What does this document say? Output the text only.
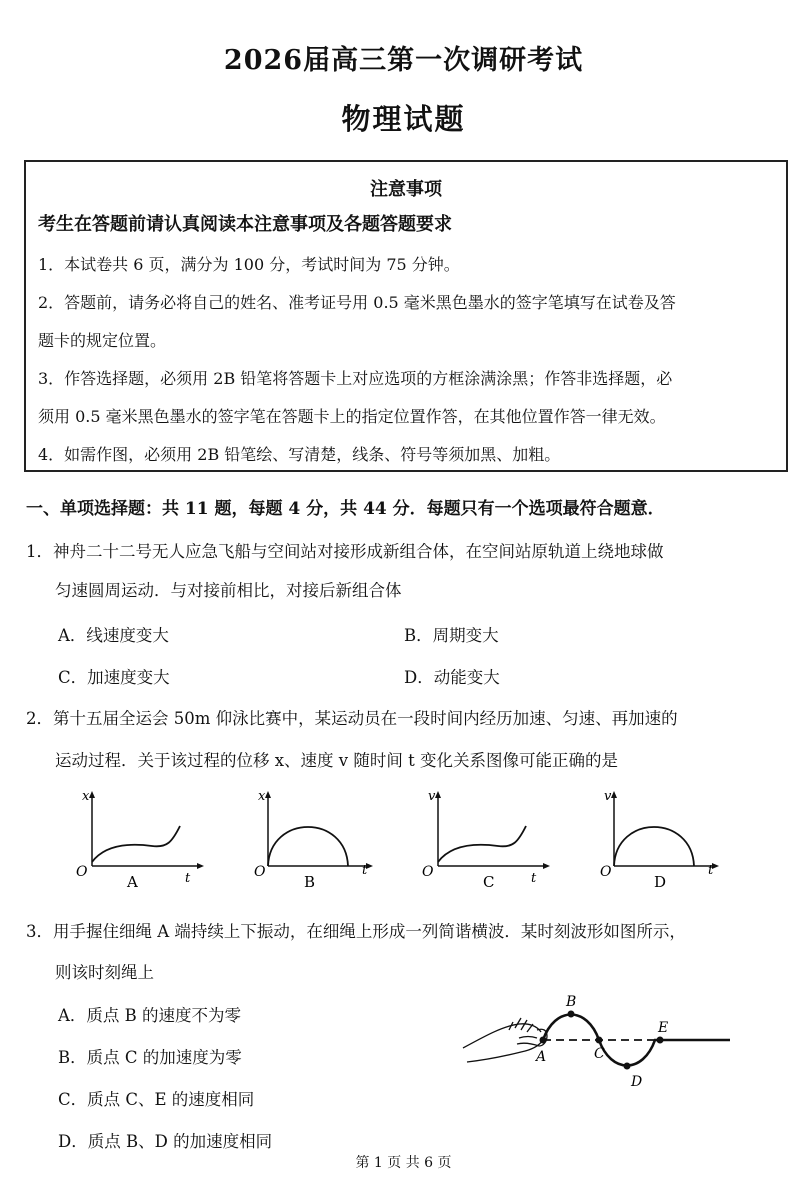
2026届高三第一次调研考试
物理试题
注意事项
考生在答题前请认真阅读本注意事项及各题答题要求
1．本试卷共 6 页，满分为 100 分，考试时间为 75 分钟。
2．答题前，请务必将自己的姓名、准考证号用 0.5 毫米黑色墨水的签字笔填写在试卷及答
题卡的规定位置。
3．作答选择题，必须用 2B 铅笔将答题卡上对应选项的方框涂满涂黑；作答非选择题，必
须用 0.5 毫米黑色墨水的签字笔在答题卡上的指定位置作答，在其他位置作答一律无效。
4．如需作图，必须用 2B 铅笔绘、写清楚，线条、符号等须加黑、加粗。
一、单项选择题：共 11 题，每题 4 分，共 44 分．每题只有一个选项最符合题意．
1．神舟二十二号无人应急飞船与空间站对接形成新组合体，在空间站原轨道上绕地球做
匀速圆周运动．与对接前相比，对接后新组合体
A．线速度变大	B．周期变大
C．加速度变大	D．动能变大
2．第十五届全运会 50m 仰泳比赛中，某运动员在一段时间内经历加速、匀速、再加速的
运动过程．关于该过程的位移 x、速度 v 随时间 t 变化关系图像可能正确的是
x
O	t
A
x
O	t
B
v
O	t
C
v
O	t
D
3．用手握住细绳 A 端持续上下振动，在细绳上形成一列简谐横波．某时刻波形如图所示，
则该时刻绳上
A．质点 B 的速度不为零
B．质点 C 的加速度为零
C．质点 C、E 的速度相同
D．质点 B、D 的加速度相同
A
B
C
D
E
第 1 页 共 6 页
